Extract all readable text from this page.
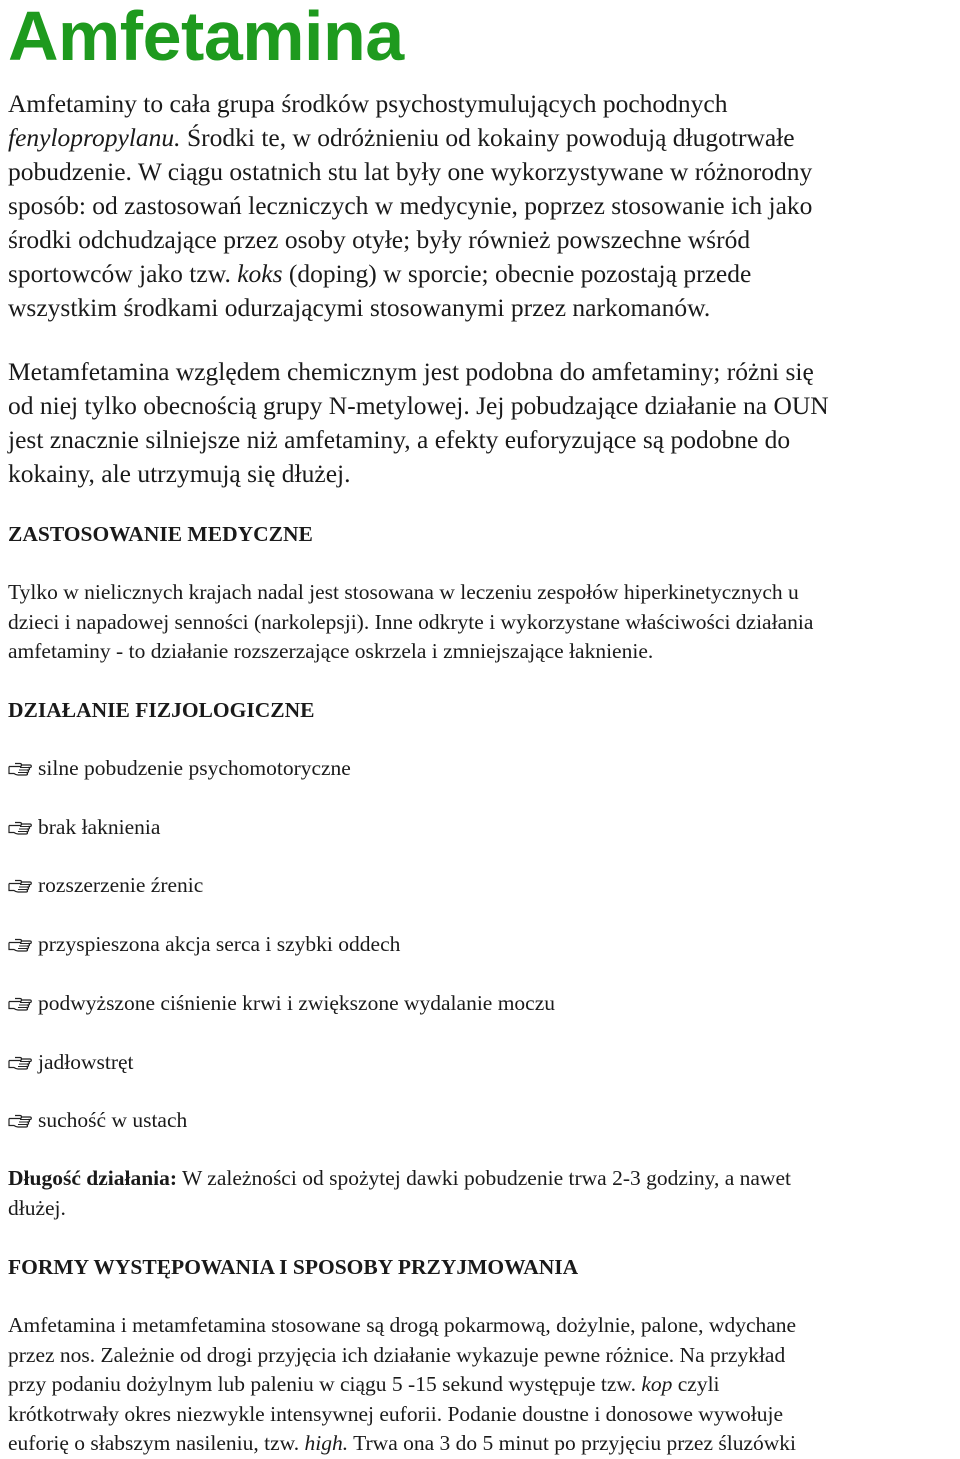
Amfetamina

Amfetaminy to cała grupa środków psychostymulujących pochodnych
fenylopropylanu. Środki te, w odróżnieniu od kokainy powodują długotrwałe
pobudzenie. W ciągu ostatnich stu lat były one wykorzystywane w różnorodny
sposób: od zastosowań leczniczych w medycynie, poprzez stosowanie ich jako
środki odchudzające przez osoby otyłe; były również powszechne wśród
sportowców jako tzw. koks (doping) w sporcie; obecnie pozostają przede
wszystkim środkami odurzającymi stosowanymi przez narkomanów.

Metamfetamina względem chemicznym jest podobna do amfetaminy; różni się
od niej tylko obecnością grupy N-metylowej. Jej pobudzające działanie na OUN
jest znacznie silniejsze niż amfetaminy, a efekty euforyzujące są podobne do
kokainy, ale utrzymują się dłużej.

ZASTOSOWANIE MEDYCZNE

Tylko w nielicznych krajach nadal jest stosowana w leczeniu zespołów hiperkinetycznych u
dzieci i napadowej senności (narkolepsji). Inne odkryte i wykorzystane właściwości działania
amfetaminy - to działanie rozszerzające oskrzela i zmniejszające łaknienie.

DZIAŁANIE FIZJOLOGICZNE
silne pobudzenie psychomotoryczne
brak łaknienia
rozszerzenie źrenic
przyspieszona akcja serca i szybki oddech
podwyższone ciśnienie krwi i zwiększone wydalanie moczu
jadłowstręt
suchość w ustach

Długość działania: W zależności od spożytej dawki pobudzenie trwa 2-3 godziny, a nawet
dłużej.

FORMY WYSTĘPOWANIA I SPOSOBY PRZYJMOWANIA

Amfetamina i metamfetamina stosowane są drogą pokarmową, dożylnie, palone, wdychane
przez nos. Zależnie od drogi przyjęcia ich działanie wykazuje pewne różnice. Na przykład
przy podaniu dożylnym lub paleniu w ciągu 5 -15 sekund występuje tzw. kop czyli
krótkotrwały okres niezwykle intensywnej euforii. Podanie doustne i donosowe wywołuje
euforię o słabszym nasileniu, tzw. high. Trwa ona 3 do 5 minut po przyjęciu przez śluzówki
